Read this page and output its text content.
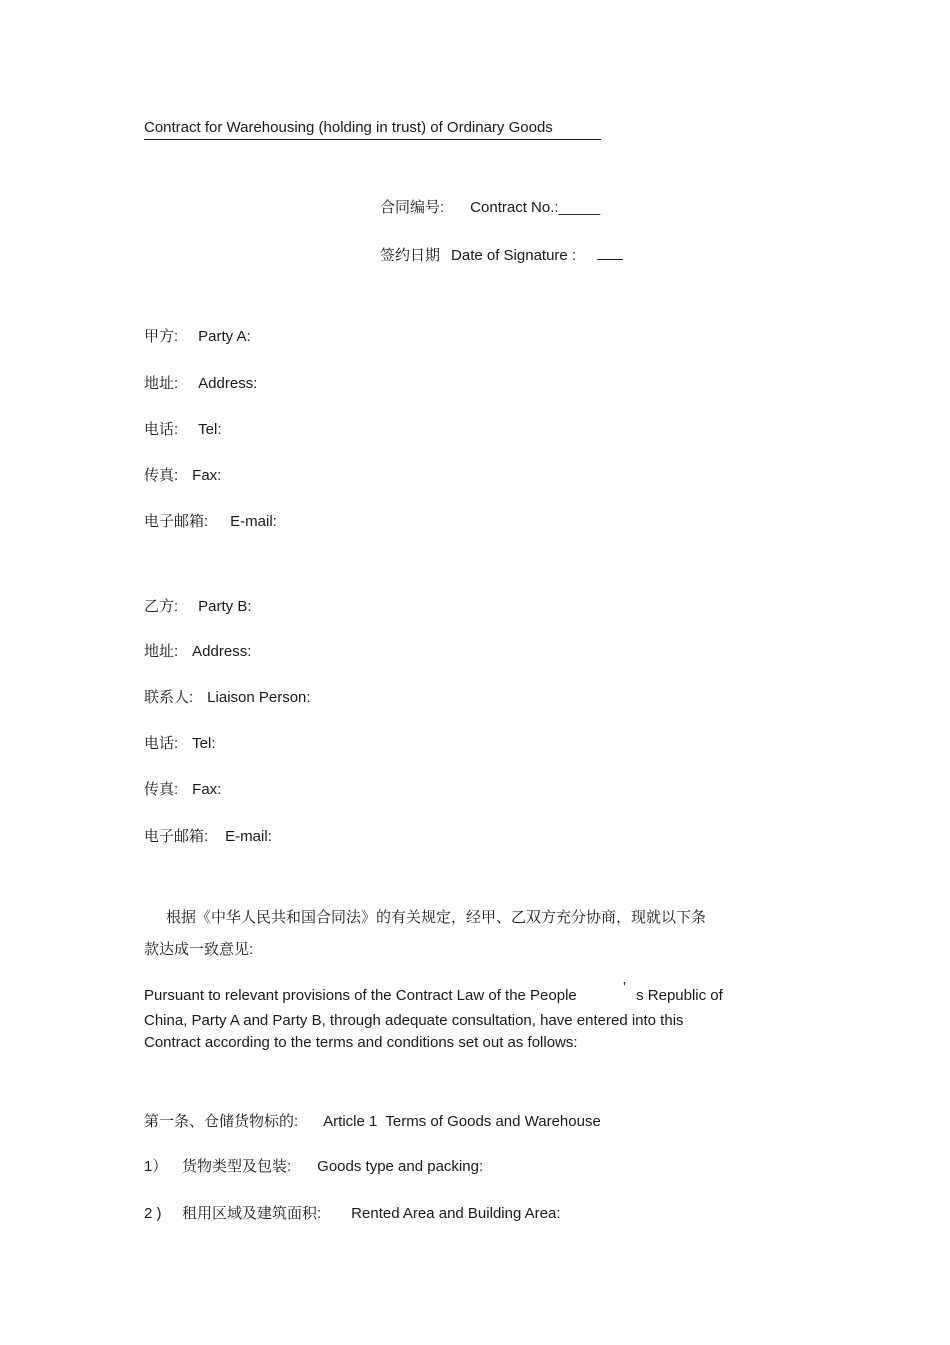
Contract for Warehousing (holding in trust) of Ordinary Goods
合同编号: Contract No.:_____
签约日期 Date of Signature :
甲方: Party A:
地址: Address:
电话: Tel:
传真: Fax:
电子邮箱: E-mail:
乙方: Party B:
地址: Address:
联系人: Liaison Person:
电话: Tel:
传真: Fax:
电子邮箱: E-mail:
根据《中华人民共和国合同法》的有关规定，经甲、乙双方充分协商，现就以下条
款达成一致意见:
Pursuant to relevant provisions of the Contract Law of the People	’ s Republic of
China, Party A and Party B, through adequate consultation, have entered into this
Contract according to the terms and conditions set out as follows:
第一条、仓储货物标的: Article 1  Terms of Goods and Warehouse
1） 货物类型及包装: Goods type and packing:
2 ) 租用区域及建筑面积: Rented Area and Building Area:
